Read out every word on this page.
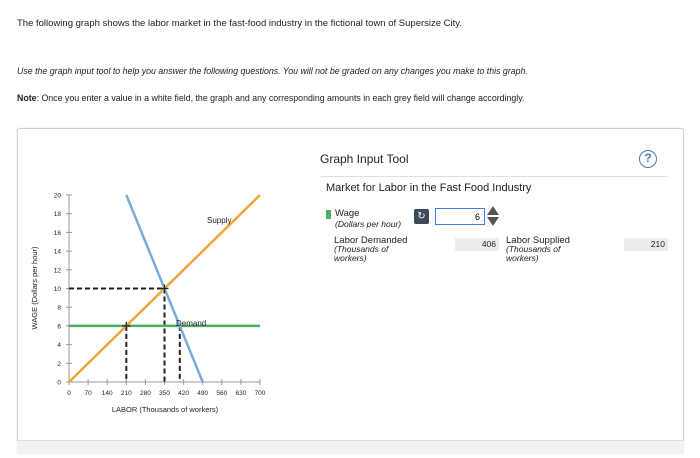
The following graph shows the labor market in the fast-food industry in the fictional town of Supersize City.
Use the graph input tool to help you answer the following questions. You will not be graded on any changes you make to this graph.
Note: Once you enter a value in a white field, the graph and any corresponding amounts in each grey field will change accordingly.
0
2
4
6
8
10
12
14
16
18
20
0 70 140 210 280 350 420 490 560 630 700
Supply
Demand
LABOR (Thousands of workers)
WAGE (Dollars per hour)
Graph Input Tool	?
Market for Labor in the Fast Food Industry
Wage
(Dollars per hour)
↻
6
Labor Demanded
(Thousands of
workers)
406	Labor Supplied
(Thousands of
workers)
210
